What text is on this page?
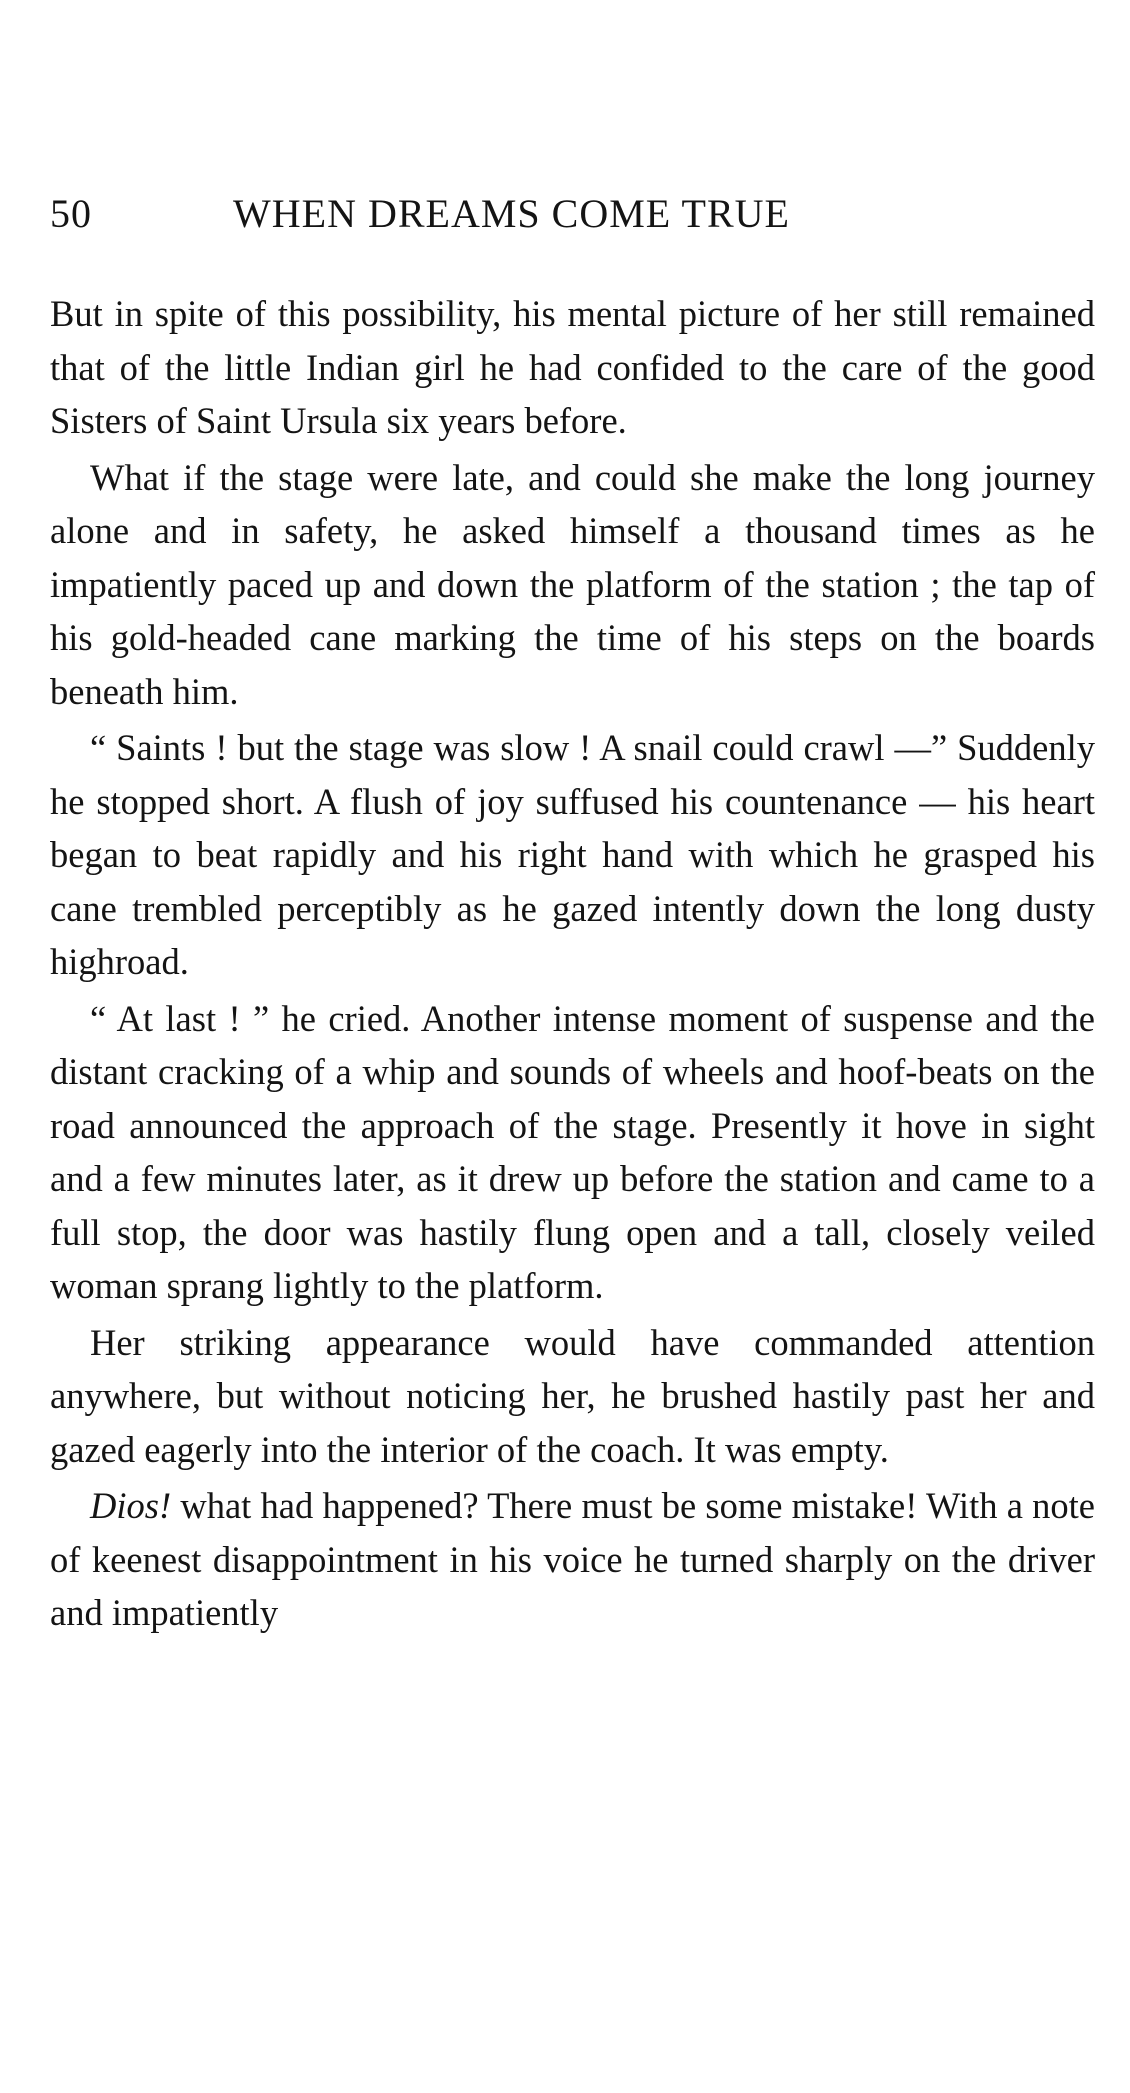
50	WHEN DREAMS COME TRUE

But in spite of this possibility, his mental picture of her still remained that of the little Indian girl he had confided to the care of the good Sisters of Saint Ursula six years before.

What if the stage were late, and could she make the long journey alone and in safety, he asked himself a thousand times as he impatiently paced up and down the platform of the station ; the tap of his gold-headed cane marking the time of his steps on the boards beneath him.

“ Saints ! but the stage was slow ! A snail could crawl —” Suddenly he stopped short. A flush of joy suffused his countenance — his heart began to beat rapidly and his right hand with which he grasped his cane trembled perceptibly as he gazed intently down the long dusty highroad.

“ At last ! ” he cried. Another intense moment of suspense and the distant cracking of a whip and sounds of wheels and hoof-beats on the road announced the approach of the stage. Presently it hove in sight and a few minutes later, as it drew up before the station and came to a full stop, the door was hastily flung open and a tall, closely veiled woman sprang lightly to the platform.

Her striking appearance would have commanded attention anywhere, but without noticing her, he brushed hastily past her and gazed eagerly into the interior of the coach. It was empty.

Dios! what had happened? There must be some mistake! With a note of keenest disappointment in his voice he turned sharply on the driver and impatiently
